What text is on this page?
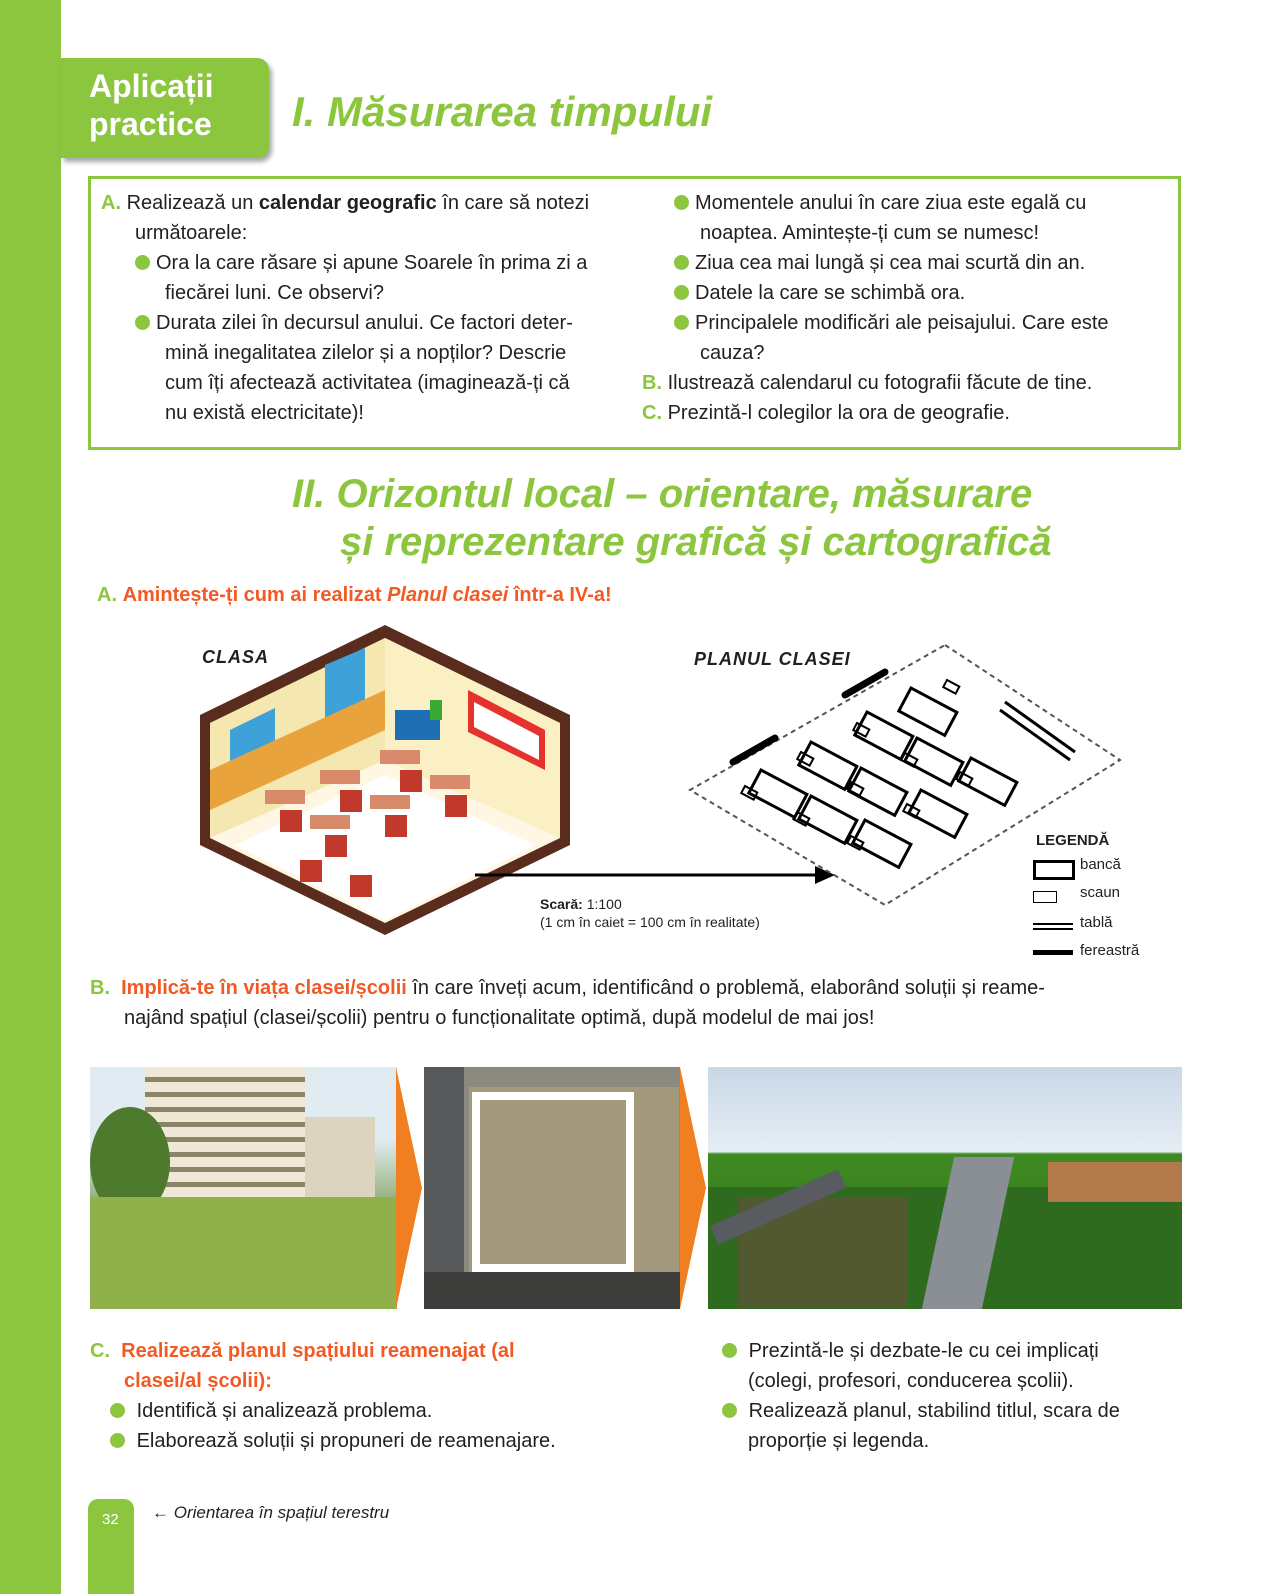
Aplicații
practice I. Măsurarea timpului
A. Realizează un calendar geografic în care să notezi
următoarele:
Ora la care răsare și apune Soarele în prima zi a
fiecărei luni. Ce observi?
Durata zilei în decursul anului. Ce factori deter-
mină inegalitatea zilelor și a nopților? Descrie
cum îți afectează activitatea (imaginează-ți că
nu există electricitate)!
Momentele anului în care ziua este egală cu
noaptea. Amintește-ți cum se numesc!
Ziua cea mai lungă și cea mai scurtă din an.
Datele la care se schimbă ora.
Principalele modificări ale peisajului. Care este
cauza?
B. Ilustrează calendarul cu fotografii făcute de tine.
C. Prezintă-l colegilor la ora de geografie.
II. Orizontul local – orientare, măsurare
și reprezentare grafică și cartografică
A. Amintește-ți cum ai realizat Planul clasei într-a IV-a!
CLASA	PLANUL CLASEI
Scară: 1:100
(1 cm în caiet = 100 cm în realitate)
LEGENDĂ
bancă
scaun
tablă
fereastră
B. Implică-te în viața clasei/școlii în care înveți acum, identificând o problemă, elaborând soluții și reame-
najând spațiul (clasei/școlii) pentru o funcționalitate optimă, după modelul de mai jos!
C. Realizează planul spațiului reamenajat (al
clasei/al școlii):
Identifică și analizează problema.
Elaborează soluții și propuneri de reamenajare.
Prezintă-le și dezbate-le cu cei implicați
(colegi, profesori, conducerea școlii).
Realizează planul, stabilind titlul, scara de
proporție și legenda.
32 ← Orientarea în spațiul terestru
